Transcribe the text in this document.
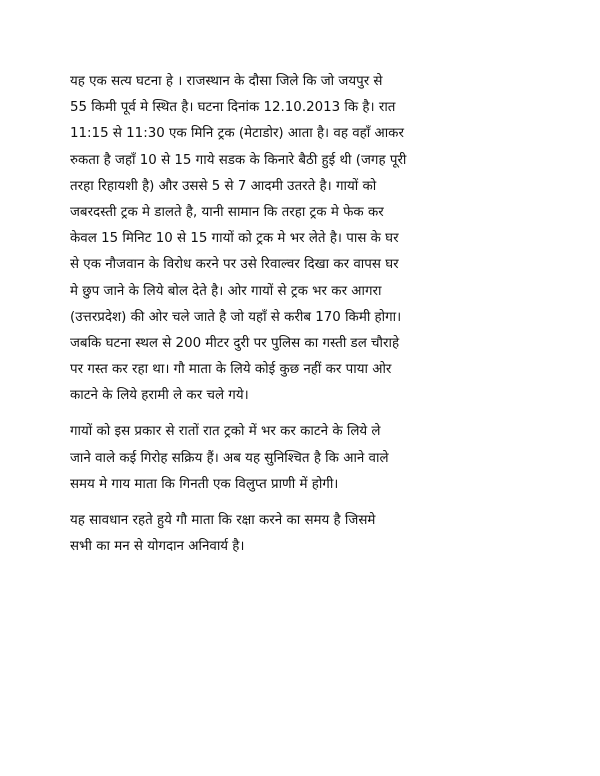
यह एक सत्य घटना हे । राजस्थान के दौसा जिले कि जो जयपुर से
55 किमी पूर्व मे स्थित है। घटना दिनांक 12.10.2013 कि है। रात
11:15 से 11:30 एक मिनि ट्रक (मेटाडोर) आता है। वह वहाँ आकर
रुकता है जहाँ 10 से 15 गाये सडक के किनारे बैठी हुई थी (जगह पूरी
तरहा रिहायशी है) और उससे 5 से 7 आदमी उतरते है। गायों को
जबरदस्ती ट्रक मे डालते है, यानी सामान कि तरहा ट्रक मे फेक कर
केवल 15 मिनिट 10 से 15 गायों को ट्रक मे भर लेते है। पास के घर
से एक नौजवान के विरोध करने पर उसे रिवाल्वर दिखा कर वापस घर
मे छुप जाने के लिये बोल देते है। ओर गायों से ट्रक भर कर आगरा
(उत्तरप्रदेश) की ओर चले जाते है जो यहाँ से करीब 170 किमी होगा।
जबकि घटना स्थल से 200 मीटर दुरी पर पुलिस का गस्ती डल चौराहे
पर गस्त कर रहा था। गौ माता के लिये कोई कुछ नहीं कर पाया ओर
काटने के लिये हरामी ले कर चले गये।

गायों को इस प्रकार से रातों रात ट्रको में भर कर काटने के लिये ले
जाने वाले कई गिरोह सक्रिय हैं। अब यह सुनिश्चित है कि आने वाले
समय मे गाय माता कि गिनती एक विलुप्त प्राणी में होगी।

यह सावधान रहते हुये गौ माता कि रक्षा करने का समय है जिसमे
सभी का मन से योगदान अनिवार्य है।
